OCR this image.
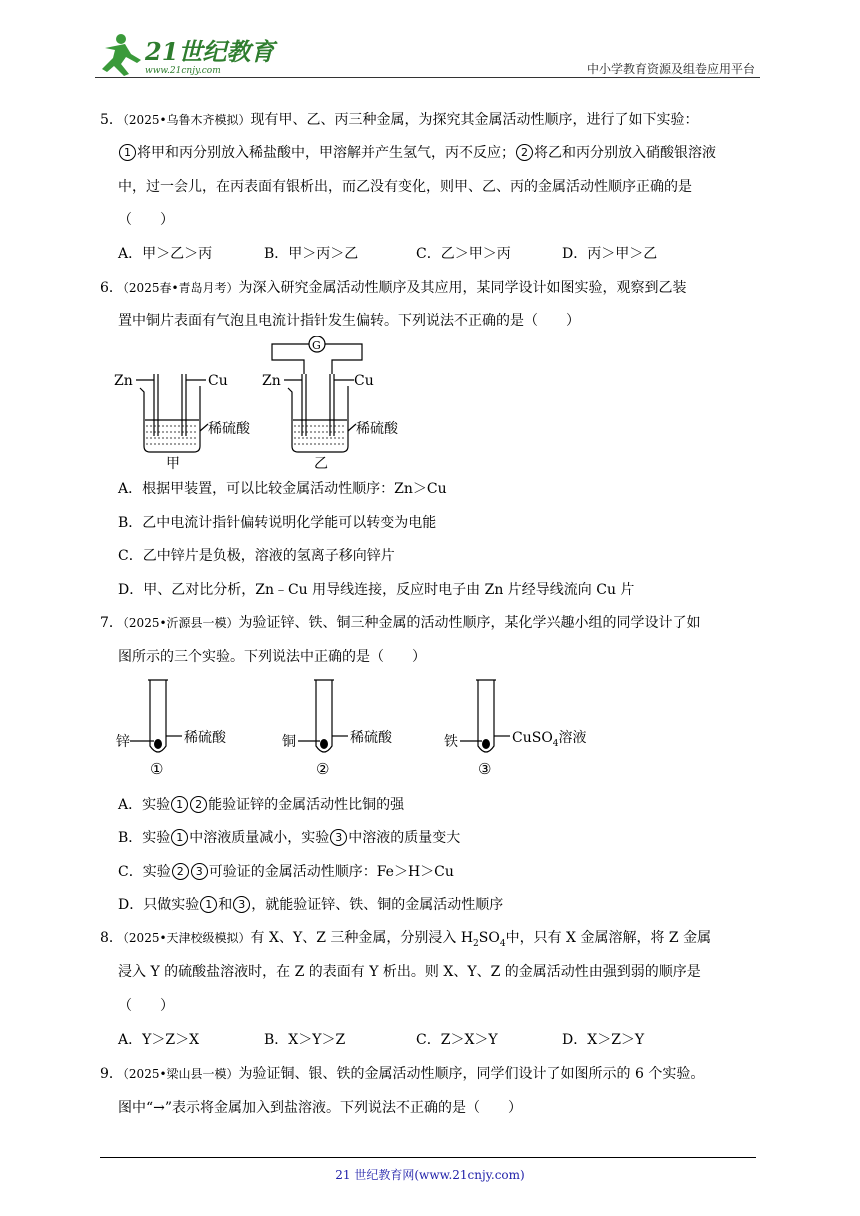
21世纪教育
www.21cnjy.com	中小学教育资源及组卷应用平台
5．（2025•乌鲁木齐模拟）现有甲、乙、丙三种金属，为探究其金属活动性顺序，进行了如下实验：
1 将甲和丙分别放入稀盐酸中，甲溶解并产生氢气，丙不反应； 2 将乙和丙分别放入硝酸银溶液
中，过一会儿，在丙表面有银析出，而乙没有变化，则甲、乙、丙的金属活动性顺序正确的是
（　　）
A．甲＞乙＞丙	B．甲＞丙＞乙	C．乙＞甲＞丙	D．丙＞甲＞乙
6．（2025春•青岛月考）为深入研究金属活动性顺序及其应用，某同学设计如图实验，观察到乙装
置中铜片表面有气泡且电流计指针发生偏转。下列说法不正确的是（　　）
Zn	Cu
稀硫酸
甲
G
Zn	Cu
稀硫酸
乙
A．根据甲装置，可以比较金属活动性顺序：Zn＞Cu
B．乙中电流计指针偏转说明化学能可以转变为电能
C．乙中锌片是负极，溶液的氢离子移向锌片
D．甲、乙对比分析，Zn﹣Cu 用导线连接，反应时电子由 Zn 片经导线流向 Cu 片
7．（2025•沂源县一模）为验证锌、铁、铜三种金属的活动性顺序，某化学兴趣小组的同学设计了如
图所示的三个实验。下列说法中正确的是（　　）
锌	稀硫酸
①
铜	稀硫酸
②
铁	CuSO$_4$溶液
③
A．实验 1 2 能验证锌的金属活动性比铜的强
B．实验 1 中溶液质量减小，实验 3 中溶液的质量变大
C．实验 2 3 可验证的金属活动性顺序：Fe＞H＞Cu
D．只做实验 1 和 3 ，就能验证锌、铁、铜的金属活动性顺序
8．（2025•天津校级模拟）有 X、Y、Z 三种金属，分别浸入 $H_2SO_4$中，只有 X 金属溶解，将 Z 金属
浸入 Y 的硫酸盐溶液时，在 Z 的表面有 Y 析出。则 X、Y、Z 的金属活动性由强到弱的顺序是
（　　）
A．Y＞Z＞X	B．X＞Y＞Z	C．Z＞X＞Y	D．X＞Z＞Y
9．（2025•梁山县一模）为验证铜、银、铁的金属活动性顺序，同学们设计了如图所示的 6 个实验。
图中“→”表示将金属加入到盐溶液。下列说法不正确的是（　　）
21 世纪教育网(www.21cnjy.com)
